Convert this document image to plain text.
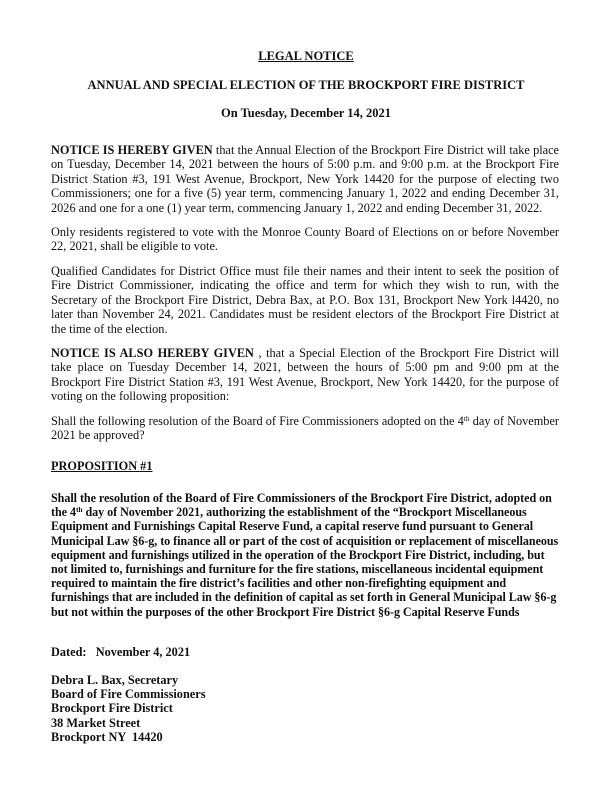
LEGAL NOTICE
ANNUAL AND SPECIAL ELECTION OF THE BROCKPORT FIRE DISTRICT
On Tuesday, December 14, 2021

NOTICE IS HEREBY GIVEN that the Annual Election of the Brockport Fire District will take place on Tuesday, December 14, 2021 between the hours of 5:00 p.m. and 9:00 p.m. at the Brockport Fire District Station #3, 191 West Avenue, Brockport, New York 14420 for the purpose of electing two Commissioners; one for a five (5) year term, commencing January 1, 2022 and ending December 31, 2026 and one for a one (1) year term, commencing January 1, 2022 and ending December 31, 2022.

Only residents registered to vote with the Monroe County Board of Elections on or before November 22, 2021, shall be eligible to vote.

Qualified Candidates for District Office must file their names and their intent to seek the position of Fire District Commissioner, indicating the office and term for which they wish to run, with the Secretary of the Brockport Fire District, Debra Bax, at P.O. Box 131, Brockport New York l4420, no later than November 24, 2021. Candidates must be resident electors of the Brockport Fire District at the time of the election.

NOTICE IS ALSO HEREBY GIVEN , that a Special Election of the Brockport Fire District will take place on Tuesday December 14, 2021, between the hours of 5:00 pm and 9:00 pm at the Brockport Fire District Station #3, 191 West Avenue, Brockport, New York 14420, for the purpose of voting on the following proposition:

Shall the following resolution of the Board of Fire Commissioners adopted on the 4th day of November 2021 be approved?

PROPOSITION #1

Shall the resolution of the Board of Fire Commissioners of the Brockport Fire District, adopted on the 4th day of November 2021, authorizing the establishment of the “Brockport Miscellaneous Equipment and Furnishings Capital Reserve Fund, a capital reserve fund pursuant to General Municipal Law §6-g, to finance all or part of the cost of acquisition or replacement of miscellaneous equipment and furnishings utilized in the operation of the Brockport Fire District, including, but not limited to, furnishings and furniture for the fire stations, miscellaneous incidental equipment required to maintain the fire district’s facilities and other non-firefighting equipment and furnishings that are included in the definition of capital as set forth in General Municipal Law §6-g but not within the purposes of the other Brockport Fire District §6-g Capital Reserve Funds

Dated:   November 4, 2021
Debra L. Bax, Secretary
Board of Fire Commissioners
Brockport Fire District
38 Market Street
Brockport NY  14420
